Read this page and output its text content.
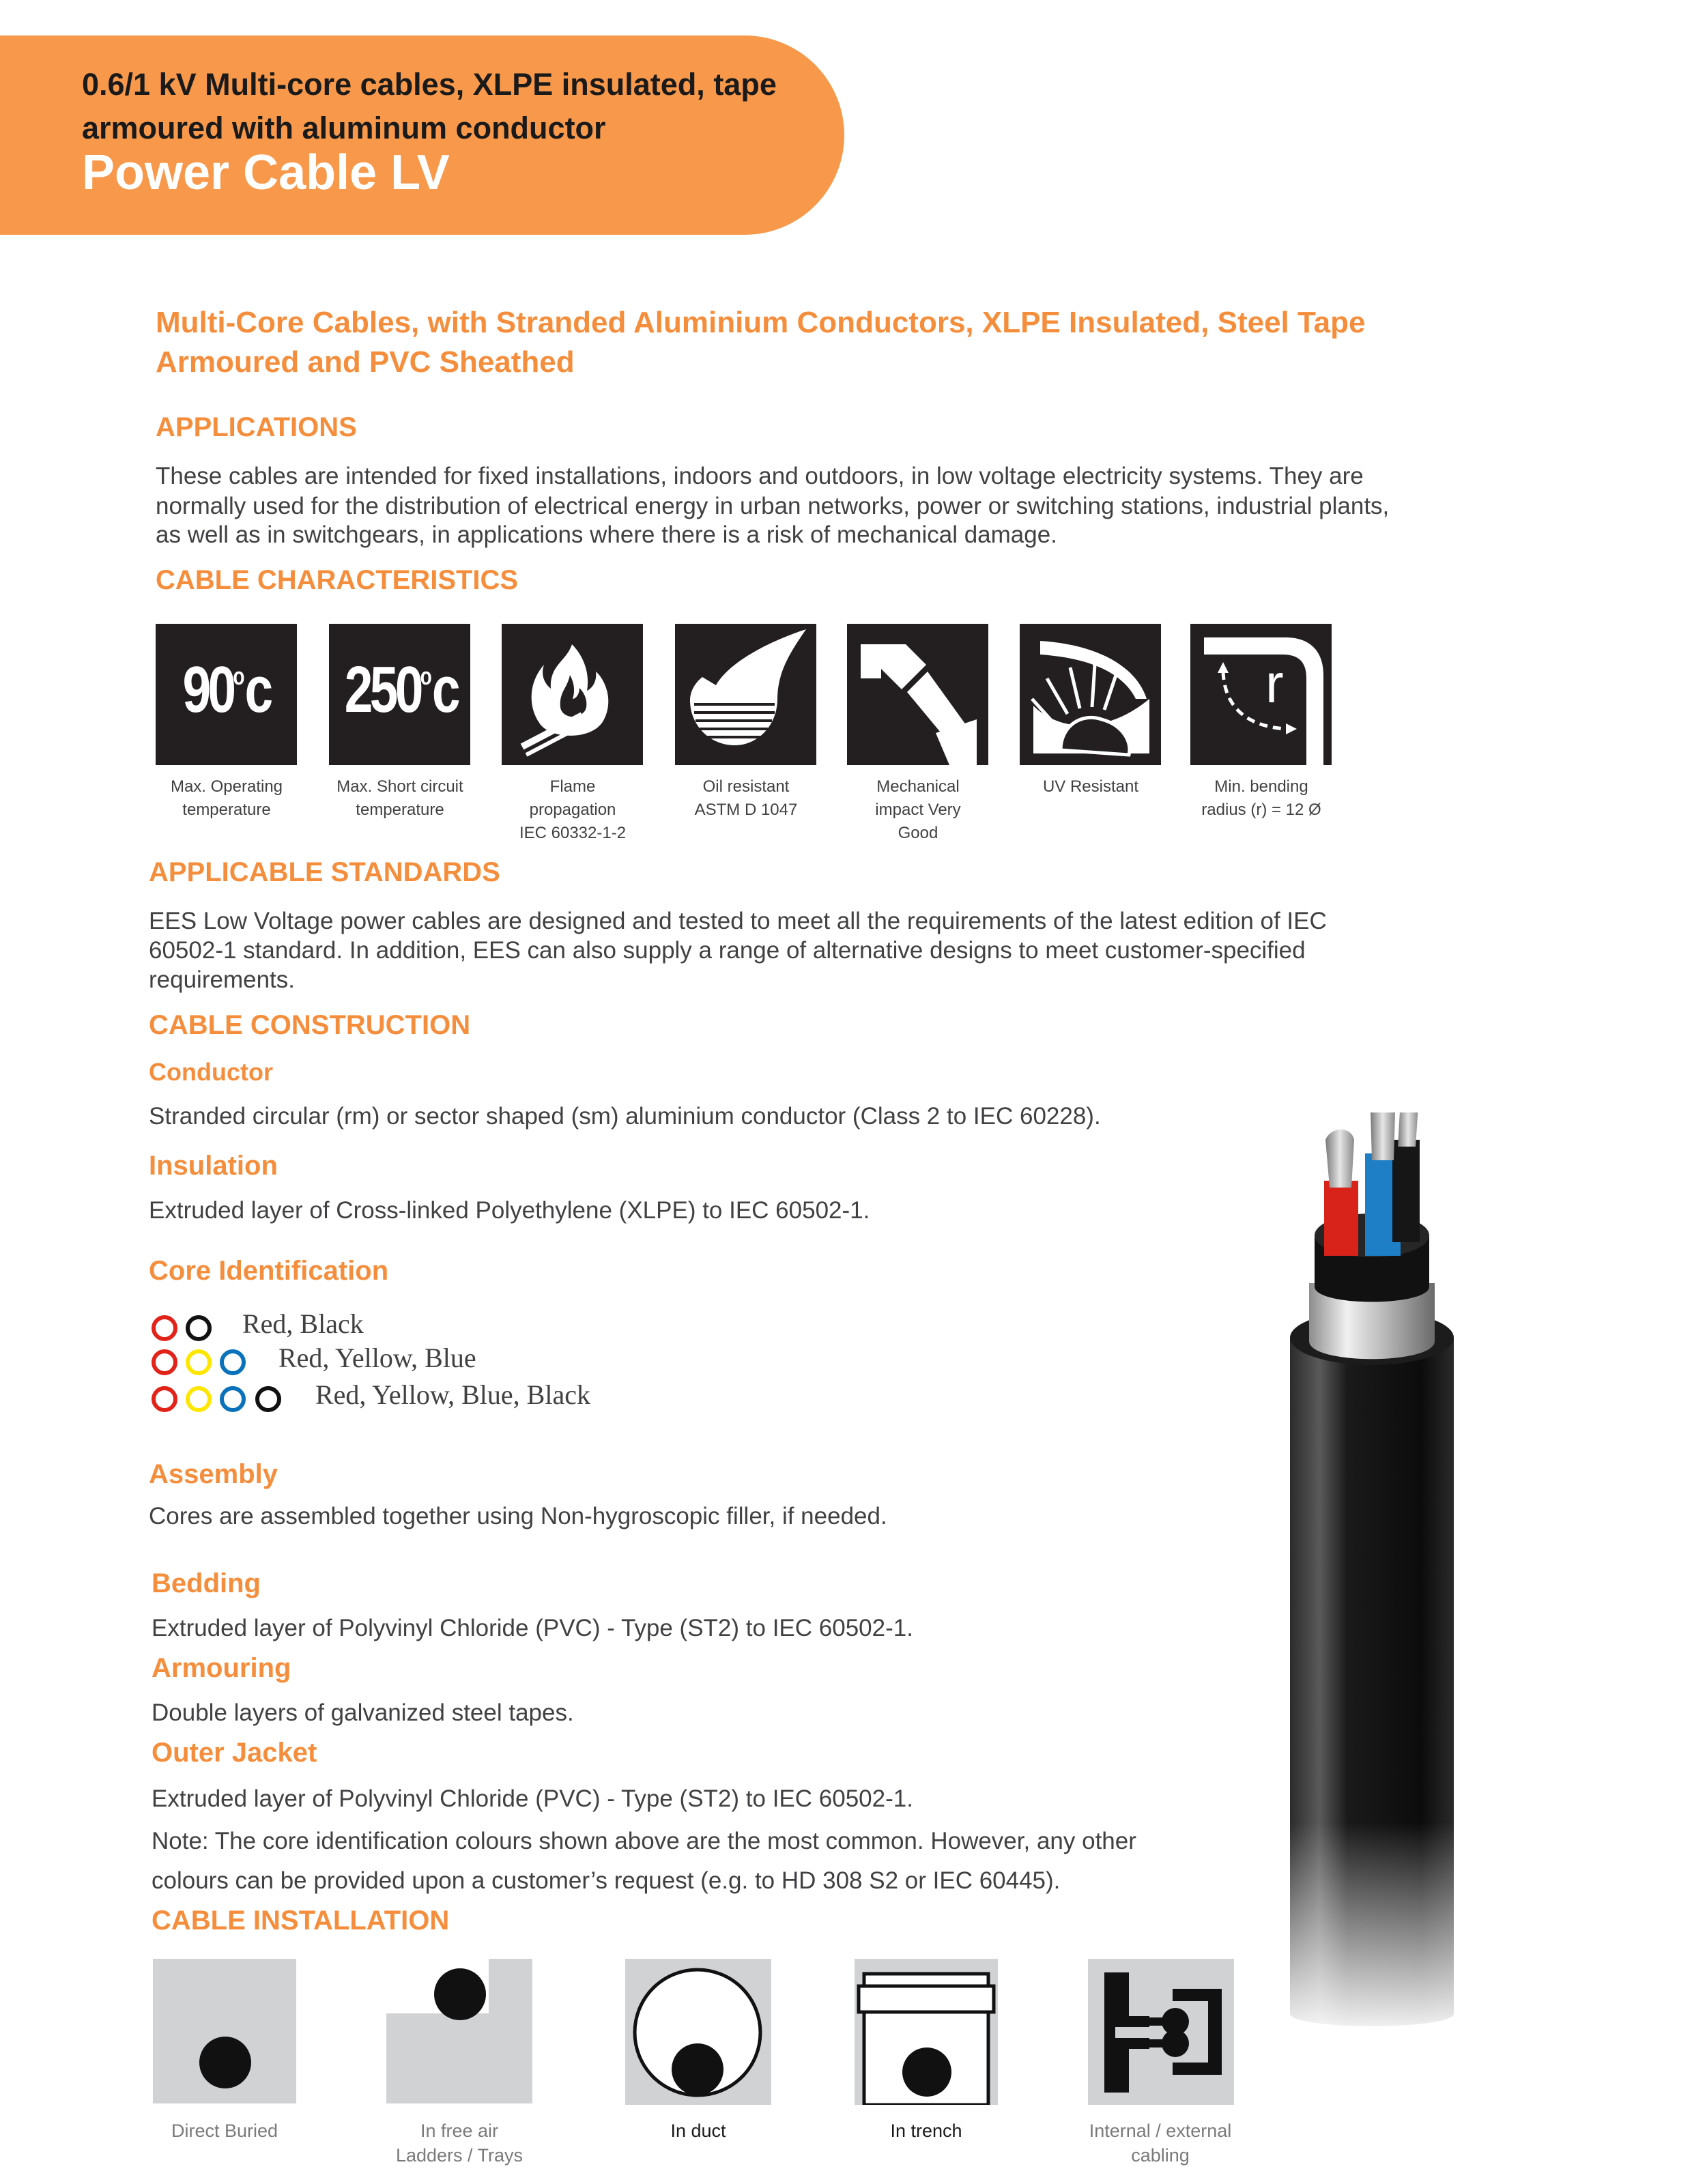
0.6/1 kV Multi-core cables, XLPE insulated, tape
armoured with aluminum conductor
Power Cable LV
Multi-Core Cables, with Stranded Aluminium Conductors, XLPE Insulated, Steel Tape
Armoured and PVC Sheathed
APPLICATIONS
These cables are intended for fixed installations, indoors and outdoors, in low voltage electricity systems. They are
normally used for the distribution of electrical energy in urban networks, power or switching stations, industrial plants,
as well as in switchgears, in applications where there is a risk of mechanical damage.
CABLE CHARACTERISTICS
90$^o$c 250$^o$c	r
Max. Operating
temperature
Max. Short circuit
temperature
Flame
propagation
IEC 60332-1-2
Oil resistant
ASTM D 1047
Mechanical
impact Very
Good
UV Resistant	Min. bending
radius (r) = 12 Ø
APPLICABLE STANDARDS
EES Low Voltage power cables are designed and tested to meet all the requirements of the latest edition of IEC
60502-1 standard. In addition, EES can also supply a range of alternative designs to meet customer-specified
requirements.
CABLE CONSTRUCTION
Conductor
Stranded circular (rm) or sector shaped (sm) aluminium conductor (Class 2 to IEC 60228).
Insulation
Extruded layer of Cross-linked Polyethylene (XLPE) to IEC 60502-1.
Core Identification
Red, Black
Red, Yellow, Blue
Red, Yellow, Blue, Black
Assembly
Cores are assembled together using Non-hygroscopic filler, if needed.
Bedding
Extruded layer of Polyvinyl Chloride (PVC) - Type (ST2) to IEC 60502-1.
Armouring
Double layers of galvanized steel tapes.
Outer Jacket
Extruded layer of Polyvinyl Chloride (PVC) - Type (ST2) to IEC 60502-1.
Note: The core identification colours shown above are the most common. However, any other
colours can be provided upon a customer’s request (e.g. to HD 308 S2 or IEC 60445).
CABLE INSTALLATION
Direct Buried	In free air
Ladders / Trays
In duct	In trench	Internal / external
cabling
